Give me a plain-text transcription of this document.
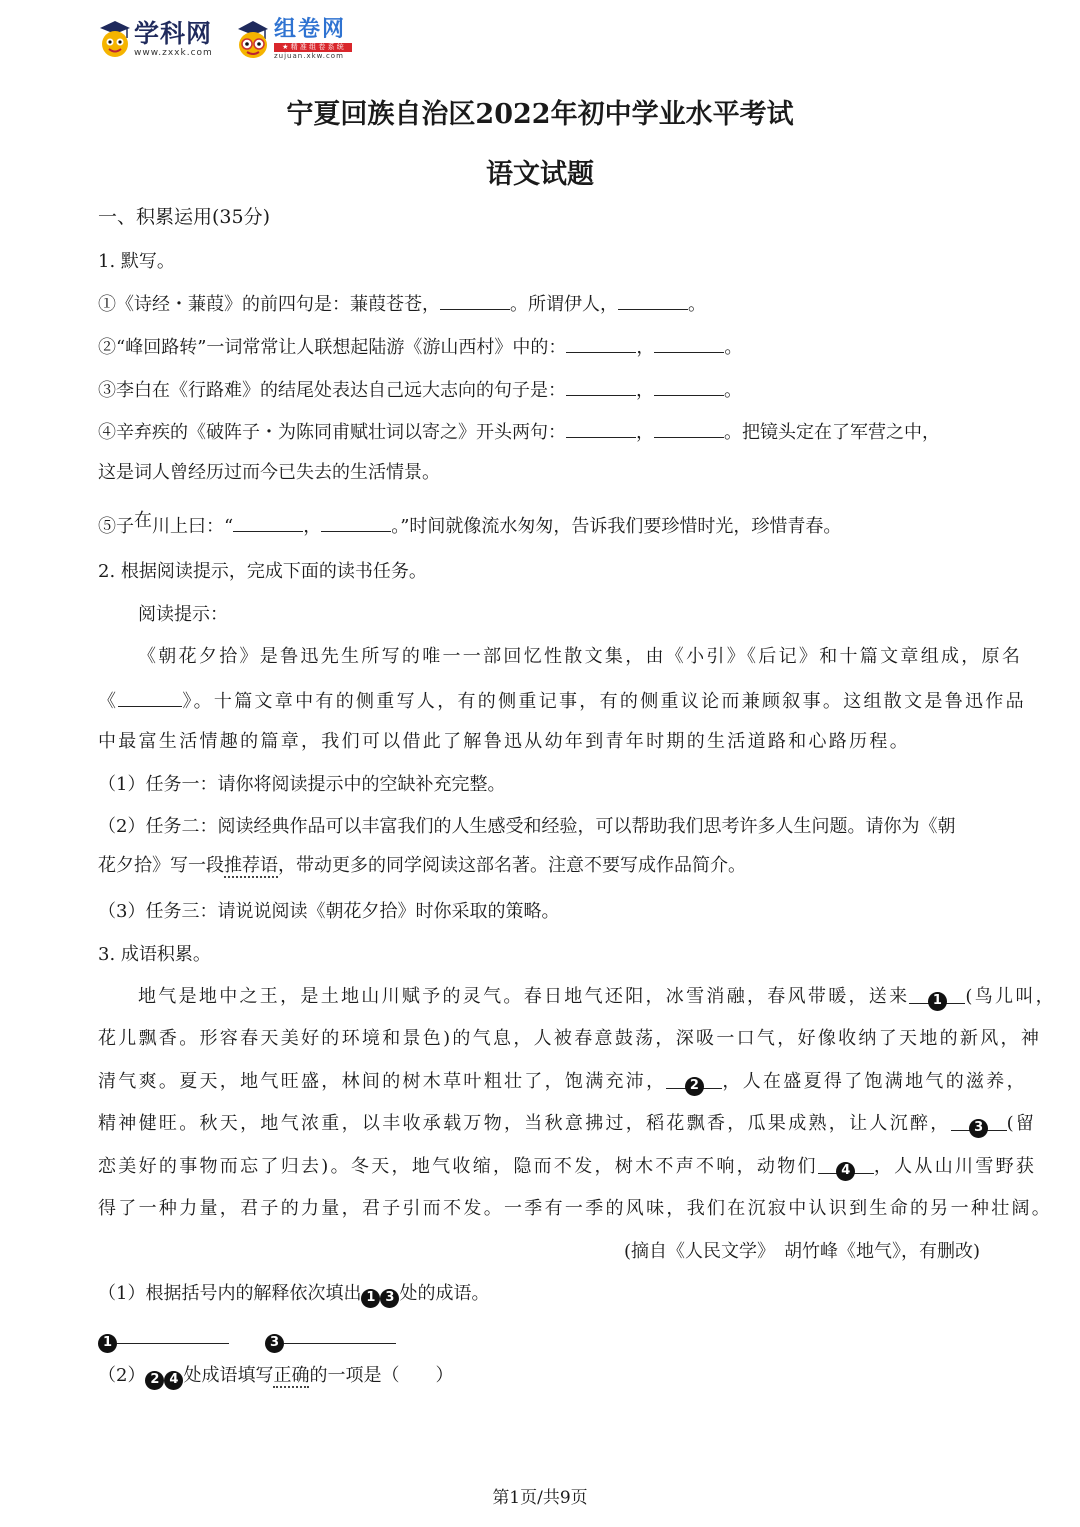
学科网
www.zxxk.com
组卷网
★ 精 准 组 卷 系 统
zujuan.xkw.com
宁夏回族自治区2022年初中学业水平考试
语文试题
一、积累运用(35分)
1. 默写。
①《诗经・蒹葭》的前四句是：蒹葭苍苍，	。所谓伊人，	。
②“峰回路转”一词常常让人联想起陆游《游山西村》中的：	，	。
③李白在《行路难》的结尾处表达自己远大志向的句子是：	，	。
④辛弃疾的《破阵子・为陈同甫赋壮词以寄之》开头两句：	，	。把镜头定在了军营之中，
这是词人曾经历过而今已失去的生活情景。
⑤子在川上曰：“	，	。”时间就像流水匆匆，告诉我们要珍惜时光，珍惜青春。
2. 根据阅读提示，完成下面的读书任务。
阅读提示：
《朝花夕拾》是鲁迅先生所写的唯一一部回忆性散文集，由《小引》《后记》和十篇文章组成，原名
《	》。十篇文章中有的侧重写人，有的侧重记事，有的侧重议论而兼顾叙事。这组散文是鲁迅作品
中最富生活情趣的篇章，我们可以借此了解鲁迅从幼年到青年时期的生活道路和心路历程。
（1）任务一：请你将阅读提示中的空缺补充完整。
（2）任务二：阅读经典作品可以丰富我们的人生感受和经验，可以帮助我们思考许多人生问题。请你为《朝
花夕拾》写一段推荐语，带动更多的同学阅读这部名著。注意不要写成作品简介。
（3）任务三：请说说阅读《朝花夕拾》时你采取的策略。
3. 成语积累。
地气是地中之王，是土地山川赋予的灵气。春日地气还阳，冰雪消融，春风带暖，送来 1 (鸟儿叫，
花儿飘香。形容春天美好的环境和景色)的气息，人被春意鼓荡，深吸一口气，好像收纳了天地的新风，神
清气爽。夏天，地气旺盛，林间的树木草叶粗壮了，饱满充沛， 2 ，人在盛夏得了饱满地气的滋养，
精神健旺。秋天，地气浓重，以丰收承载万物，当秋意拂过，稻花飘香，瓜果成熟，让人沉醉， 3 (留
恋美好的事物而忘了归去)。冬天，地气收缩，隐而不发，树木不声不响，动物们 4 ，人从山川雪野获
得了一种力量，君子的力量，君子引而不发。一季有一季的风味，我们在沉寂中认识到生命的另一种壮阔。
(摘自《人民文学》　胡竹峰《地气》，有删改)
（1）根据括号内的解释依次填出 1 3 处的成语。
1	3
（2） 2 4 处成语填写正确的一项是（　　）
第1页/共9页
